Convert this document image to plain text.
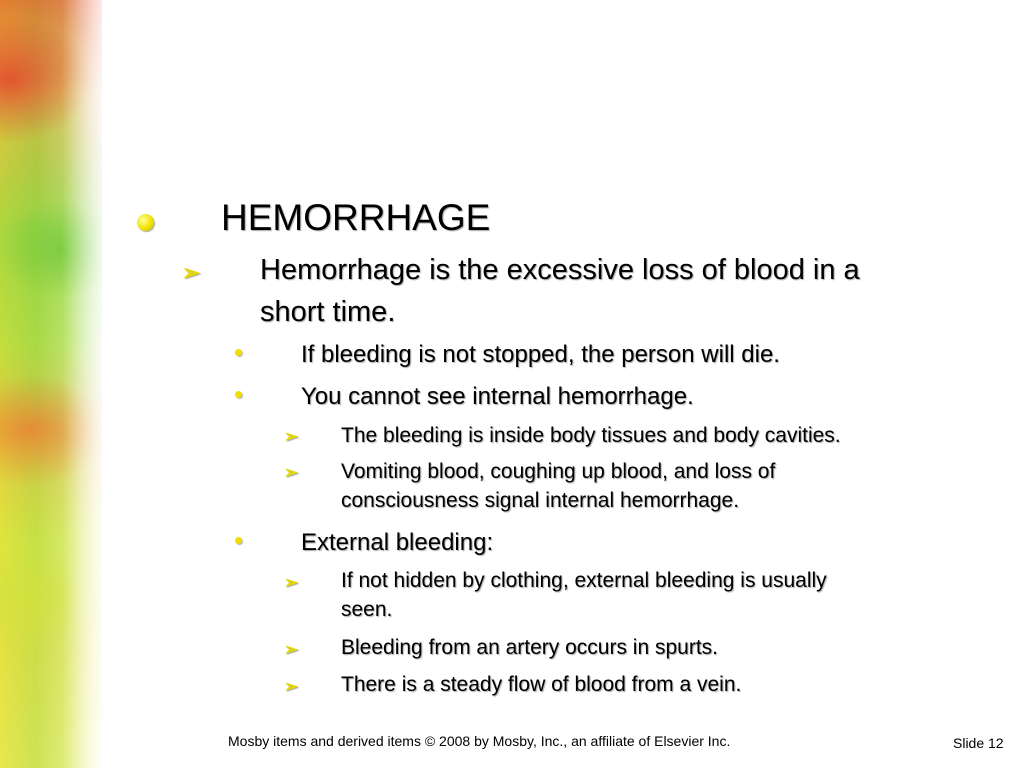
HEMORRHAGE
➢ Hemorrhage is the excessive loss of blood in a
short time.
If bleeding is not stopped, the person will die.
You cannot see internal hemorrhage.
➢ The bleeding is inside body tissues and body cavities.
➢ Vomiting blood, coughing up blood, and loss of
consciousness signal internal hemorrhage.
External bleeding:
➢ If not hidden by clothing, external bleeding is usually
seen.
➢ Bleeding from an artery occurs in spurts.
➢ There is a steady flow of blood from a vein.
Mosby items and derived items © 2008 by Mosby, Inc., an affiliate of Elsevier Inc.	Slide 12
